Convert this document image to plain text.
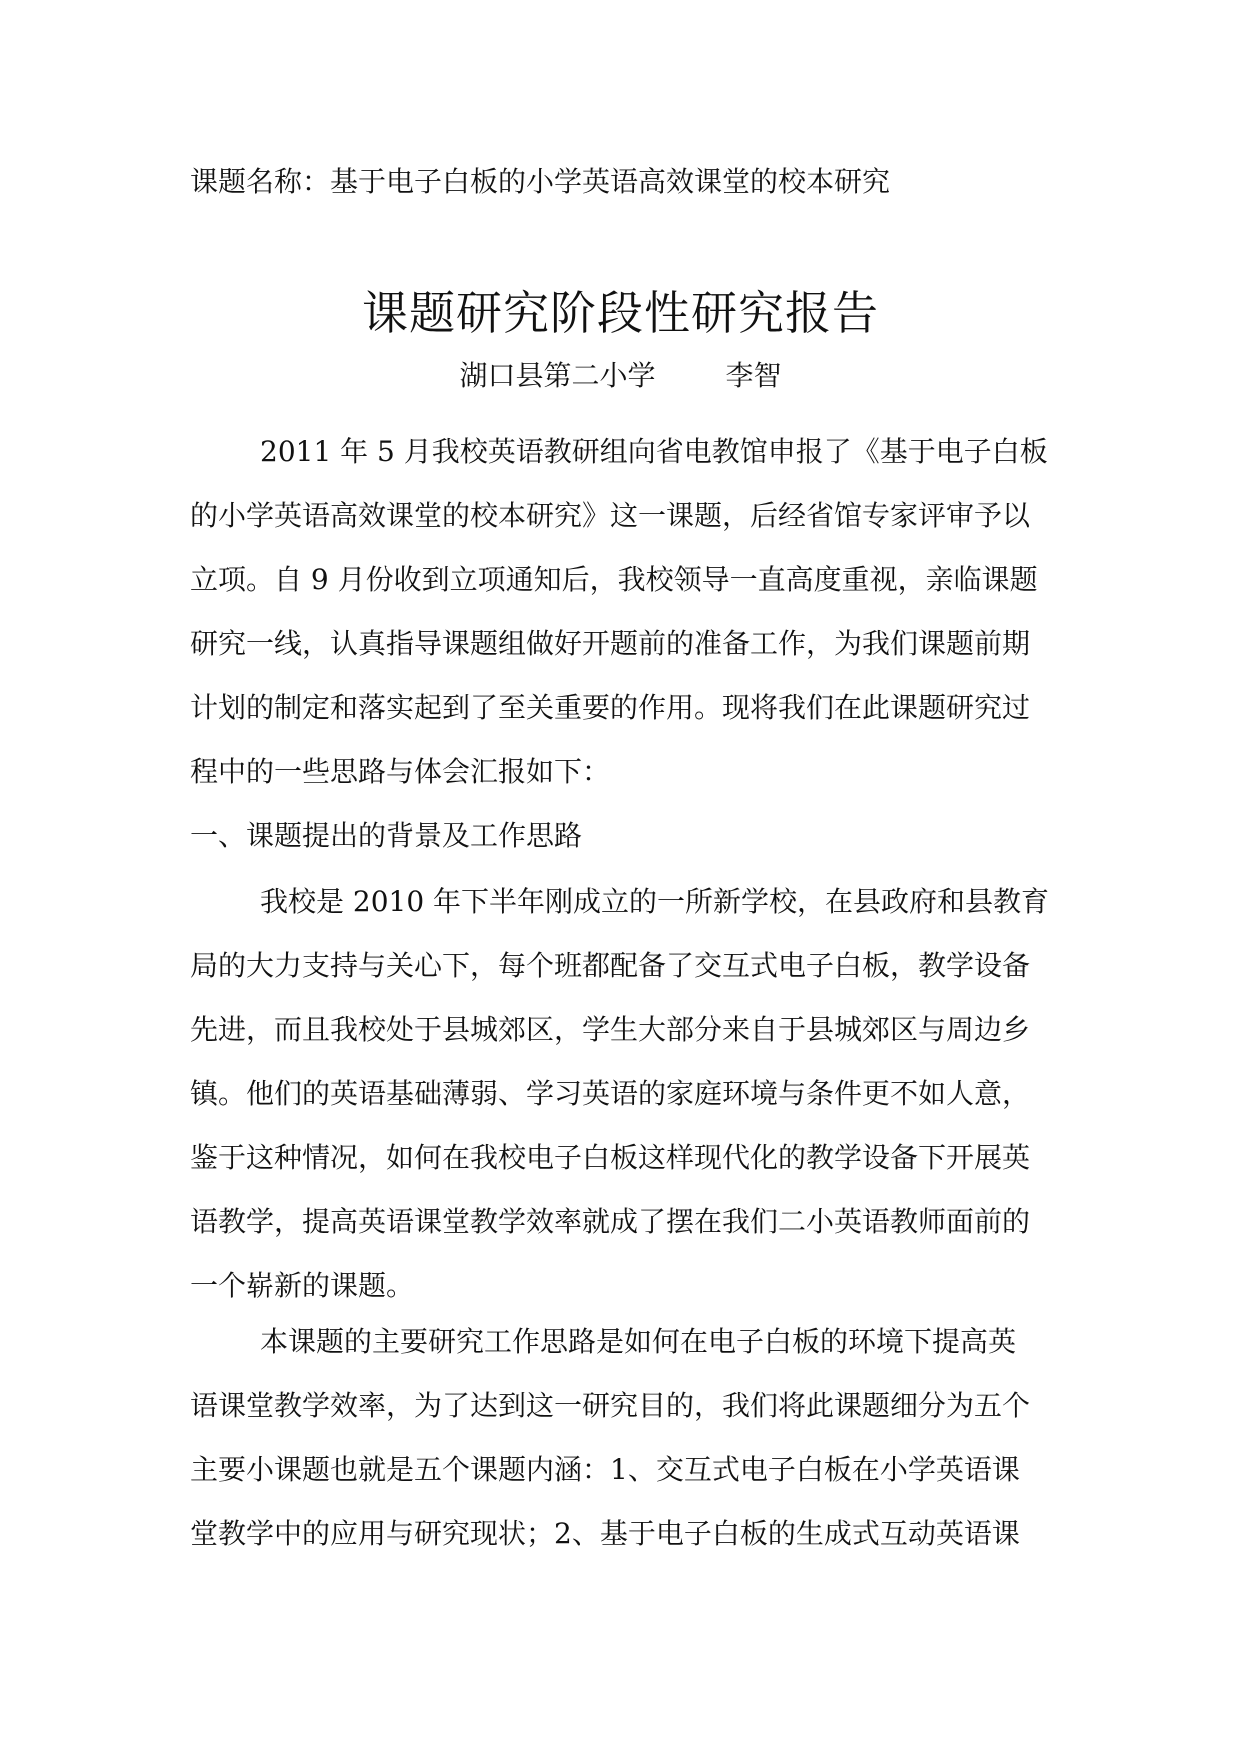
课题名称：基于电子白板的小学英语高效课堂的校本研究
课题研究阶段性研究报告
湖口县第二小学	李智
2011 年 5 月我校英语教研组向省电教馆申报了《基于电子白板
的小学英语高效课堂的校本研究》这一课题，后经省馆专家评审予以
立项。自 9 月份收到立项通知后，我校领导一直高度重视，亲临课题
研究一线，认真指导课题组做好开题前的准备工作，为我们课题前期
计划的制定和落实起到了至关重要的作用。现将我们在此课题研究过
程中的一些思路与体会汇报如下：
一、课题提出的背景及工作思路
我校是 2010 年下半年刚成立的一所新学校，在县政府和县教育
局的大力支持与关心下，每个班都配备了交互式电子白板，教学设备
先进，而且我校处于县城郊区，学生大部分来自于县城郊区与周边乡
镇。他们的英语基础薄弱、学习英语的家庭环境与条件更不如人意，
鉴于这种情况，如何在我校电子白板这样现代化的教学设备下开展英
语教学，提高英语课堂教学效率就成了摆在我们二小英语教师面前的
一个崭新的课题。
本课题的主要研究工作思路是如何在电子白板的环境下提高英
语课堂教学效率，为了达到这一研究目的，我们将此课题细分为五个
主要小课题也就是五个课题内涵：1、交互式电子白板在小学英语课
堂教学中的应用与研究现状；2、基于电子白板的生成式互动英语课
